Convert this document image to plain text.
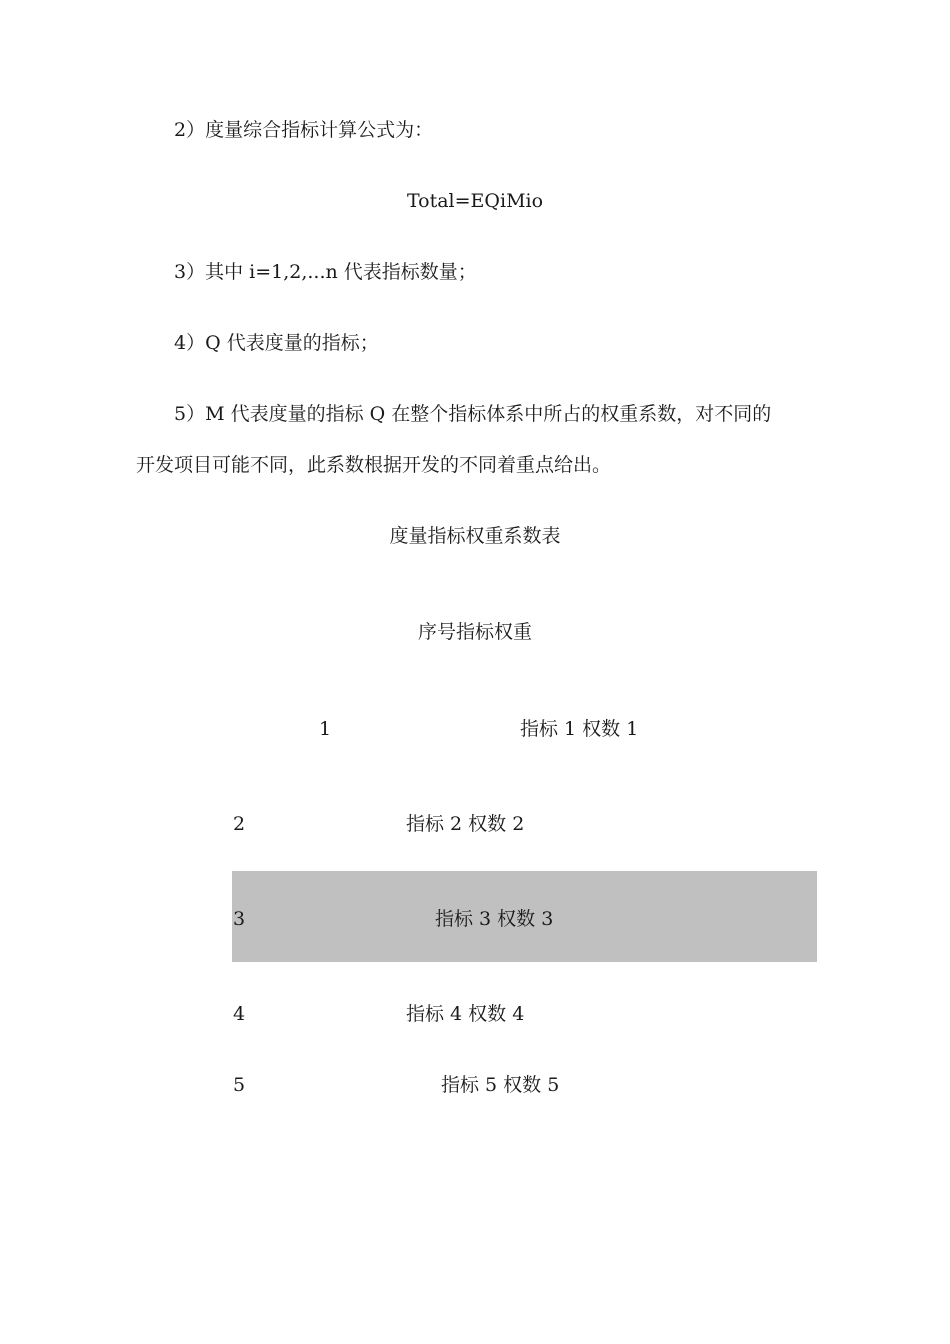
2）度量综合指标计算公式为：
Total=EQiMio
3）其中 i=1,2,...n 代表指标数量；
4）Q 代表度量的指标；
5）M 代表度量的指标 Q 在整个指标体系中所占的权重系数，对不同的
开发项目可能不同，此系数根据开发的不同着重点给出。
度量指标权重系数表
序号指标权重
1	指标 1 权数 1
2	指标 2 权数 2
3	指标 3 权数 3
4	指标 4 权数 4
5	指标 5 权数 5
